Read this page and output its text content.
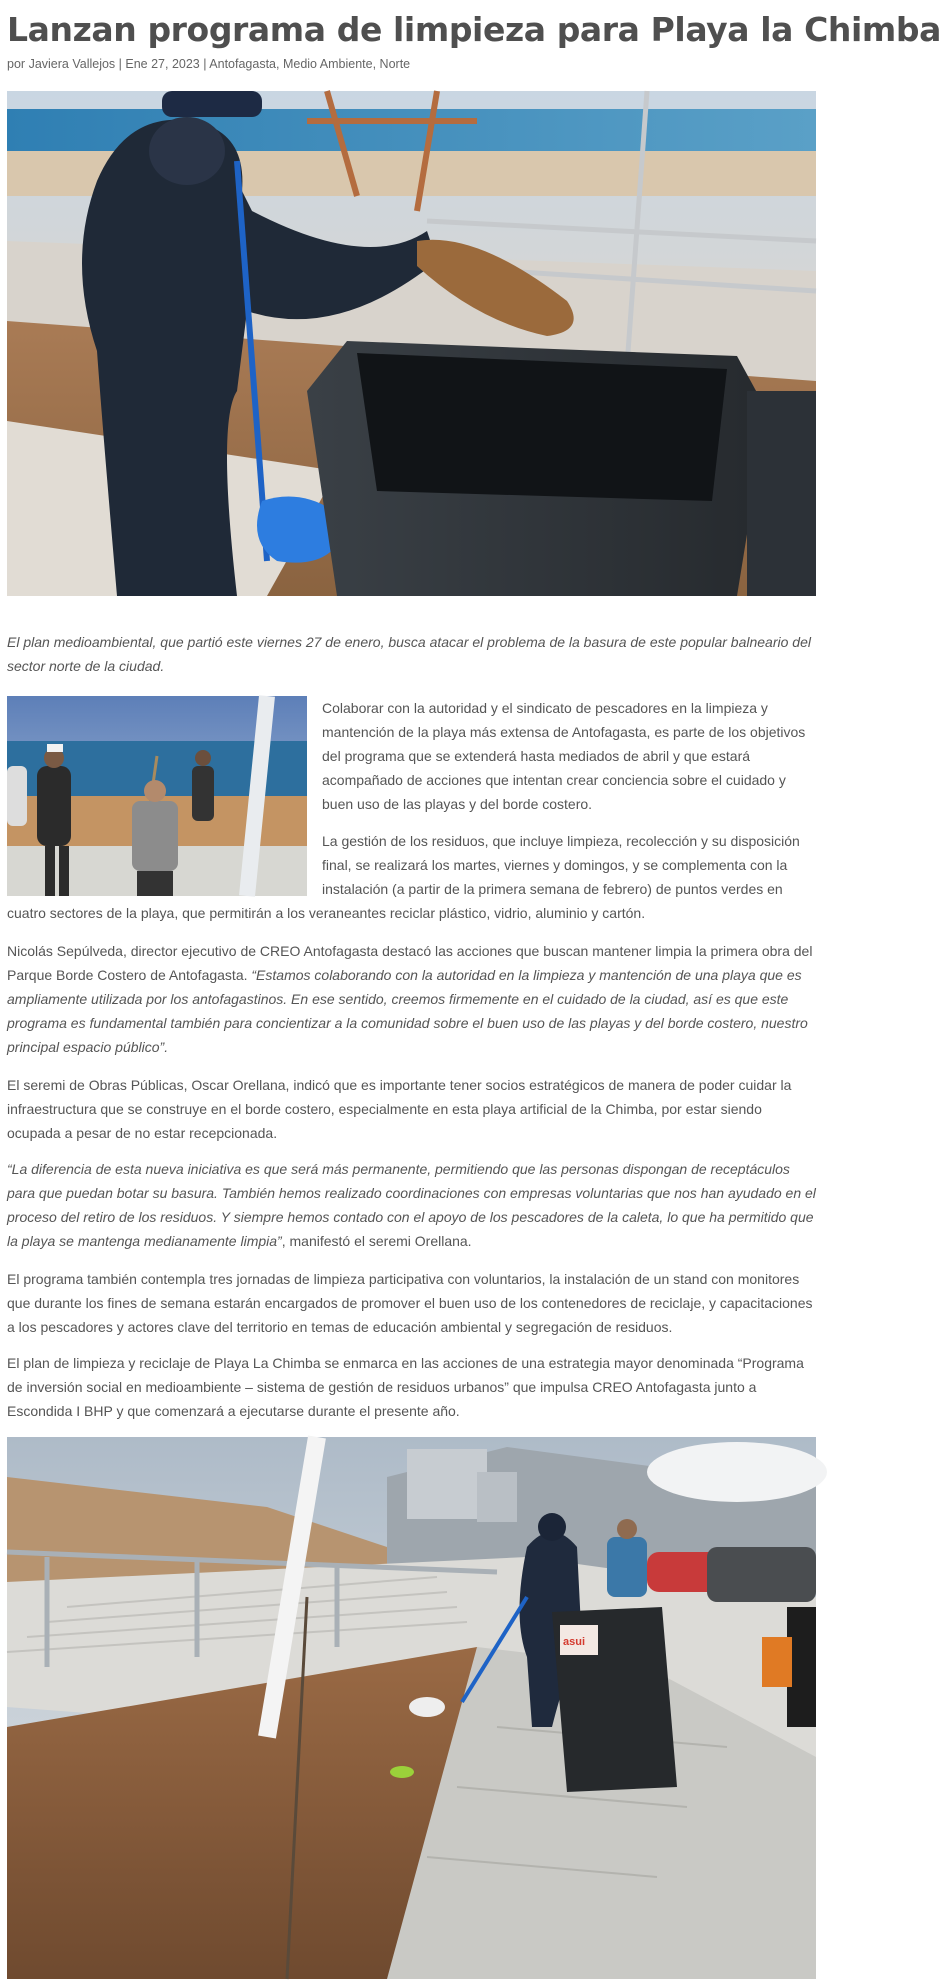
Lanzan programa de limpieza para Playa la Chimba
por Javiera Vallejos | Ene 27, 2023 | Antofagasta, Medio Ambiente, Norte

El plan medioambiental, que partió este viernes 27 de enero, busca atacar el problema de la basura de este popular balneario del sector norte de la ciudad.

Colaborar con la autoridad y el sindicato de pescadores en la limpieza y mantención de la playa más extensa de Antofagasta, es parte de los objetivos del programa que se extenderá hasta mediados de abril y que estará acompañado de acciones que intentan crear conciencia sobre el cuidado y buen uso de las playas y del borde costero.

La gestión de los residuos, que incluye limpieza, recolección y su disposición final, se realizará los martes, viernes y domingos, y se complementa con la instalación (a partir de la primera semana de febrero) de puntos verdes en

cuatro sectores de la playa, que permitirán a los veraneantes reciclar plástico, vidrio, aluminio y cartón.

Nicolás Sepúlveda, director ejecutivo de CREO Antofagasta destacó las acciones que buscan mantener limpia la primera obra del Parque Borde Costero de Antofagasta. “Estamos colaborando con la autoridad en la limpieza y mantención de una playa que es ampliamente utilizada por los antofagastinos. En ese sentido, creemos firmemente en el cuidado de la ciudad, así es que este programa es fundamental también para concientizar a la comunidad sobre el buen uso de las playas y del borde costero, nuestro principal espacio público”.

El seremi de Obras Públicas, Oscar Orellana, indicó que es importante tener socios estratégicos de manera de poder cuidar la infraestructura que se construye en el borde costero, especialmente en esta playa artificial de la Chimba, por estar siendo ocupada a pesar de no estar recepcionada.

“La diferencia de esta nueva iniciativa es que será más permanente, permitiendo que las personas dispongan de receptáculos para que puedan botar su basura. También hemos realizado coordinaciones con empresas voluntarias que nos han ayudado en el proceso del retiro de los residuos. Y siempre hemos contado con el apoyo de los pescadores de la caleta, lo que ha permitido que la playa se mantenga medianamente limpia”, manifestó el seremi Orellana.

El programa también contempla tres jornadas de limpieza participativa con voluntarios, la instalación de un stand con monitores que durante los fines de semana estarán encargados de promover el buen uso de los contenedores de reciclaje, y capacitaciones a los pescadores y actores clave del territorio en temas de educación ambiental y segregación de residuos.

El plan de limpieza y reciclaje de Playa La Chimba se enmarca en las acciones de una estrategia mayor denominada “Programa de inversión social en medioambiente – sistema de gestión de residuos urbanos” que impulsa CREO Antofagasta junto a Escondida I BHP y que comenzará a ejecutarse durante el presente año.

asui
